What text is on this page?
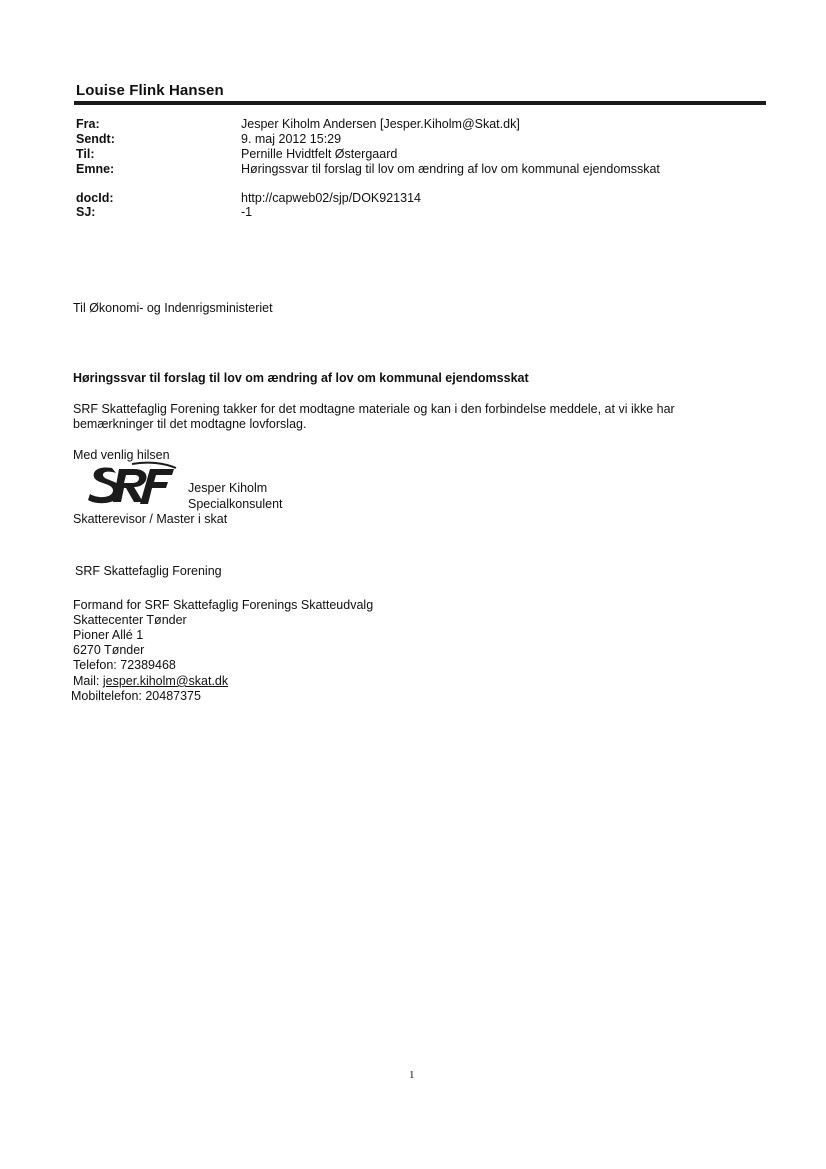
Louise Flink Hansen
Fra:	Jesper Kiholm Andersen [Jesper.Kiholm@Skat.dk]
Sendt:	9. maj 2012 15:29
Til:	Pernille Hvidtfelt Østergaard
Emne:	Høringssvar til forslag til lov om ændring af lov om kommunal ejendomsskat
docId:	http://capweb02/sjp/DOK921314
SJ:	-1
Til Økonomi- og Indenrigsministeriet
Høringssvar til forslag til lov om ændring af lov om kommunal ejendomsskat
SRF Skattefaglig Forening takker for det modtagne materiale og kan i den forbindelse meddele, at vi ikke har
bemærkninger til det modtagne lovforslag.
Med venlig hilsen
Jesper Kiholm
Specialkonsulent
Skatterevisor / Master i skat
SRF Skattefaglig Forening
Formand for SRF Skattefaglig Forenings Skatteudvalg
Skattecenter Tønder
Pioner Allé 1
6270 Tønder
Telefon: 72389468
Mail: jesper.kiholm@skat.dk
Mobiltelefon: 20487375
1
